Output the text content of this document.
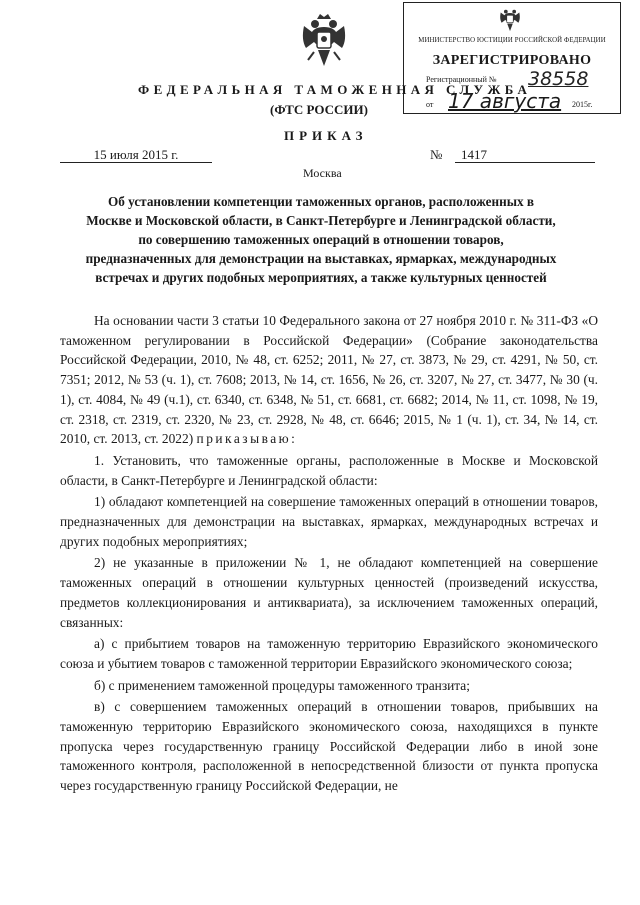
МИНИСТЕРСТВО ЮСТИЦИИ РОССИЙСКОЙ ФЕДЕРАЦИИ
ЗАРЕГИСТРИРОВАНО
Регистрационный № 38558
от 17 августа 2015г.
ФЕДЕРАЛЬНАЯ ТАМОЖЕННАЯ СЛУЖБА
(ФТС РОССИИ)
ПРИКАЗ
15 июля 2015 г.
Москва
№	1417
Об установлении компетенции таможенных органов, расположенных в
Москве и Московской области, в Санкт-Петербурге и Ленинградской области,
по совершению таможенных операций в отношении товаров,
предназначенных для демонстрации на выставках, ярмарках, международных
встречах и других подобных мероприятиях, а также культурных ценностей

На основании части 3 статьи 10 Федерального закона от 27 ноября 2010 г. № 311-ФЗ «О таможенном регулировании в Российской Федерации» (Собрание законодательства Российской Федерации, 2010, № 48, ст. 6252; 2011, № 27, ст. 3873, № 29, ст. 4291, № 50, ст. 7351; 2012, № 53 (ч. 1), ст. 7608; 2013, № 14, ст. 1656, № 26, ст. 3207, № 27, ст. 3477, № 30 (ч. 1), ст. 4084, № 49 (ч.1), ст. 6340, ст. 6348, № 51, ст. 6681, ст. 6682; 2014, № 11, ст. 1098, № 19, ст. 2318, ст. 2319, ст. 2320, № 23, ст. 2928, № 48, ст. 6646; 2015, № 1 (ч. 1), ст. 34, № 14, ст. 2010, ст. 2013, ст. 2022) приказываю:

1. Установить, что таможенные органы, расположенные в Москве и Московской области, в Санкт-Петербурге и Ленинградской области:

1) обладают компетенцией на совершение таможенных операций в отношении товаров, предназначенных для демонстрации на выставках, ярмарках, международных встречах и других подобных мероприятиях;

2) не указанные в приложении № 1, не обладают компетенцией на совершение таможенных операций в отношении культурных ценностей (произведений искусства, предметов коллекционирования и антиквариата), за исключением таможенных операций, связанных:

а) с прибытием товаров на таможенную территорию Евразийского экономического союза и убытием товаров с таможенной территории Евразийского экономического союза;

б) с применением таможенной процедуры таможенного транзита;

в) с совершением таможенных операций в отношении товаров, прибывших на таможенную территорию Евразийского экономического союза, находящихся в пункте пропуска через государственную границу Российской Федерации либо в иной зоне таможенного контроля, расположенной в непосредственной близости от пункта пропуска через государственную границу Российской Федерации, не
